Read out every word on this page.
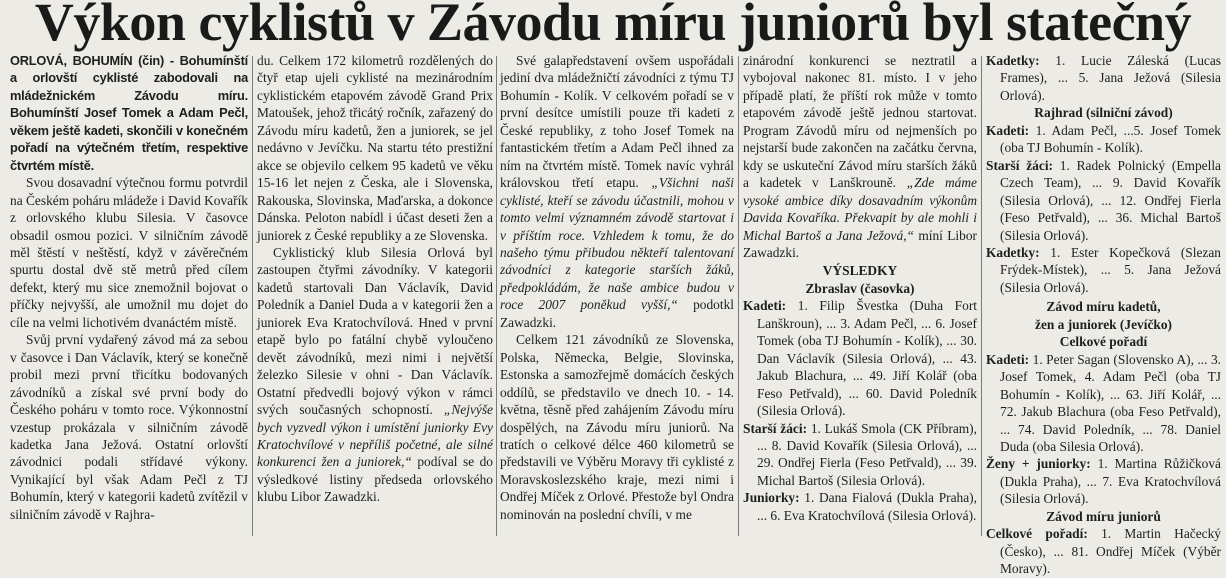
Výkon cyklistů v Závodu míru juniorů byl statečný

ORLOVÁ, BOHUMÍN (čin) - Bohumínští a orlovští cyklisté zabodovali na mládežnickém Závodu míru. Bohumínští Josef Tomek a Adam Pečl, věkem ještě kadeti, skončili v konečném pořadí na výtečném třetím, respektive čtvrtém místě.

Svou dosavadní výtečnou formu potvrdil na Českém poháru mládeže i David Kovařík z orlovského klubu Silesia. V časovce obsadil osmou pozici. V silničním závodě měl štěstí v neštěstí, když v závěrečném spurtu dostal dvě stě metrů před cílem defekt, který mu sice znemožnil bojovat o příčky nejvyšší, ale umožnil mu dojet do cíle na velmi lichotivém dvanáctém místě.

Svůj první vydařený závod má za sebou v časovce i Dan Václavík, který se konečně probil mezi první třicítku bodovaných závodníků a získal své první body do Českého poháru v tomto roce. Výkonnostní vzestup prokázala v silničním závodě kadetka Jana Ježová. Ostatní orlovští závodnici podali střídavé výkony. Vynikající byl však Adam Pečl z TJ Bohumín, který v kategorii kadetů zvítězil v silničním závodě v Rajhra-

du. Celkem 172 kilometrů rozdělených do čtyř etap ujeli cyklisté na mezinárodním cyklistickém etapovém závodě Grand Prix Matoušek, jehož třicátý ročník, zařazený do Závodu míru kadetů, žen a juniorek, se jel nedávno v Jevíčku. Na startu této prestižní akce se objevilo celkem 95 kadetů ve věku 15-16 let nejen z Česka, ale i Slovenska, Rakouska, Slovinska, Maďarska, a dokonce Dánska. Peloton nabídl i účast deseti žen a juniorek z České republiky a ze Slovenska.

Cyklistický klub Silesia Orlová byl zastoupen čtyřmi závodníky. V kategorii kadetů startovali Dan Václavík, David Poledník a Daniel Duda a v kategorii žen a juniorek Eva Kratochvílová. Hned v první etapě bylo po fatální chybě vyloučeno devět závodníků, mezi nimi i největší železko Silesie v ohni - Dan Václavík. Ostatní předvedli bojový výkon v rámci svých současných schopností. „Nejvýše bych vyzvedl výkon i umístění juniorky Evy Kratochvílové v nepříliš početné, ale silné konkurenci žen a juniorek,“ podíval se do výsledkové listiny předseda orlovského klubu Libor Zawadzki.

Své galapředstavení ovšem uspořádali jediní dva mládežničtí závodníci z týmu TJ Bohumín - Kolík. V celkovém pořadí se v první desítce umístili pouze tři kadeti z České republiky, z toho Josef Tomek na fantastickém třetím a Adam Pečl ihned za ním na čtvrtém místě. Tomek navíc vyhrál královskou třetí etapu. „Všichni naši cyklisté, kteří se závodu účastnili, mohou v tomto velmi významném závodě startovat i v příštím roce. Vzhledem k tomu, že do našeho týmu přibudou někteří talentovaní závodníci z kategorie starších žáků, předpokládám, že naše ambice budou v roce 2007 poněkud vyšší,“ podotkl Zawadzki.

Celkem 121 závodníků ze Slovenska, Polska, Německa, Belgie, Slovinska, Estonska a samozřejmě domácích českých oddílů, se představilo ve dnech 10. - 14. května, těsně před zahájením Závodu míru dospělých, na Závodu míru juniorů. Na tratích o celkové délce 460 kilometrů se představili ve Výběru Moravy tři cyklisté z Moravskoslezského kraje, mezi nimi i Ondřej Míček z Orlové. Přestože byl Ondra nominován na poslední chvíli, v me

zinárodní konkurenci se neztratil a vybojoval nakonec 81. místo. I v jeho případě platí, že příští rok může v tomto etapovém závodě ještě jednou startovat. Program Závodů míru od nejmenších po nejstarší bude zakončen na začátku června, kdy se uskuteční Závod míru starších žáků a kadetek v Lanškrouně. „Zde máme vysoké ambice díky dosavadním výkonům Davida Kovaříka. Překvapit by ale mohli i Michal Bartoš a Jana Ježová,“ míní Libor Zawadzki.

VÝSLEDKY

Zbraslav (časovka)

Kadeti: 1. Filip Švestka (Duha Fort Lanškroun), ... 3. Adam Pečl, ... 6. Josef Tomek (oba TJ Bohumín - Kolík), ... 30. Dan Václavík (Silesia Orlová), ... 43. Jakub Blachura, ... 49. Jiří Kolář (oba Feso Petřvald), ... 60. David Poledník (Silesia Orlová).

Starší žáci: 1. Lukáš Smola (CK Příbram), ... 8. David Kovařík (Silesia Orlová), ... 29. Ondřej Fierla (Feso Petřvald), ... 39. Michal Bartoš (Silesia Orlová).

Juniorky: 1. Dana Fialová (Dukla Praha), ... 6. Eva Kratochvílová (Silesia Orlová).

Kadetky: 1. Lucie Záleská (Lucas Frames), ... 5. Jana Ježová (Silesia Orlová).

Rajhrad (silniční závod)

Kadeti: 1. Adam Pečl, ...5. Josef Tomek (oba TJ Bohumín - Kolík).

Starší žáci: 1. Radek Polnický (Empella Czech Team), ... 9. David Kovařík (Silesia Orlová), ... 12. Ondřej Fierla (Feso Petřvald), ... 36. Michal Bartoš (Silesia Orlová).

Kadetky: 1. Ester Kopečková (Slezan Frýdek-Místek), ... 5. Jana Ježová (Silesia Orlová).

Závod míru kadetů,

žen a juniorek (Jevíčko)

Celkové pořadí

Kadeti: 1. Peter Sagan (Slovensko A), ... 3. Josef Tomek, 4. Adam Pečl (oba TJ Bohumín - Kolík), ... 63. Jiří Kolář, ... 72. Jakub Blachura (oba Feso Petřvald), ... 74. David Poledník, ... 78. Daniel Duda (oba Silesia Orlová).

Ženy + juniorky: 1. Martina Růžičková (Dukla Praha), ... 7. Eva Kratochvílová (Silesia Orlová).

Závod míru juniorů

Celkové pořadí: 1. Martin Hačecký (Česko), ... 81. Ondřej Míček (Výběr Moravy).
